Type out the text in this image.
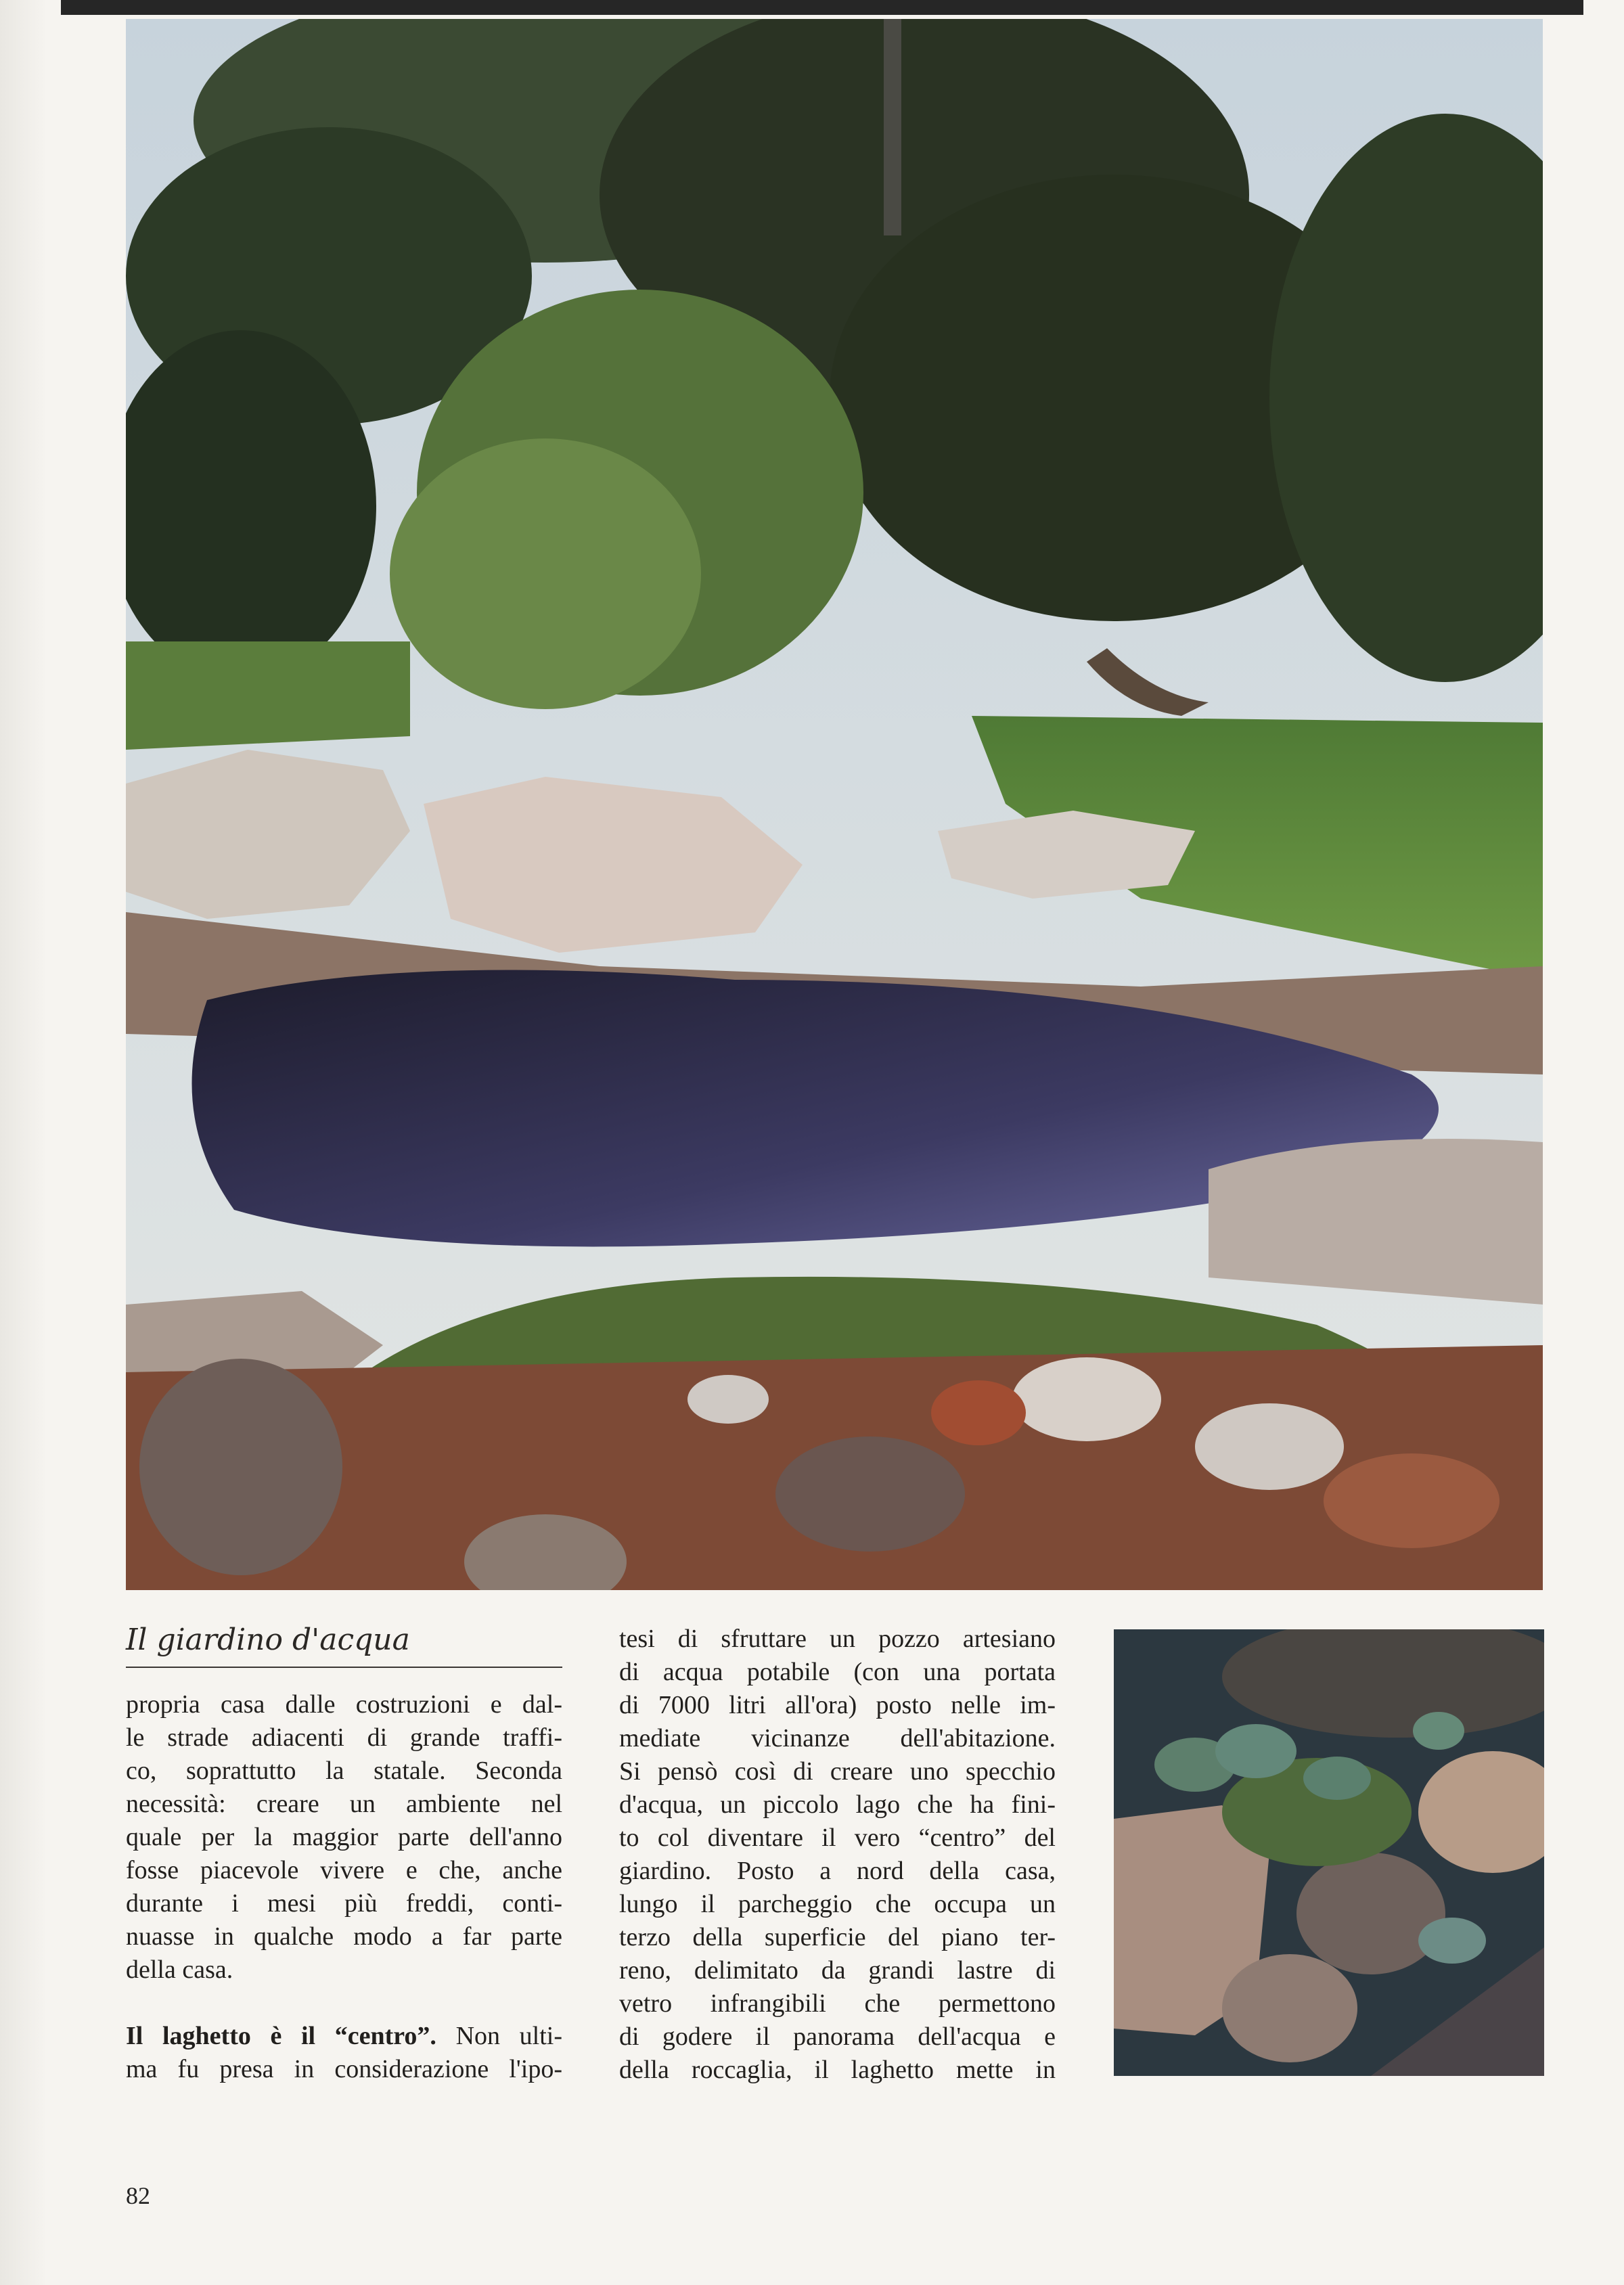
Il giardino d'acqua

propria casa dalle costruzioni e dal-

le strade adiacenti di grande traffi-

co, soprattutto la statale. Seconda

necessità: creare un ambiente nel

quale per la maggior parte dell'anno

fosse piacevole vivere e che, anche

durante i mesi più freddi, conti-

nuasse in qualche modo a far parte

della casa.

Il laghetto è il “centro”. Non ulti-

ma fu presa in considerazione l'ipo-

tesi di sfruttare un pozzo artesiano

di acqua potabile (con una portata

di 7000 litri all'ora) posto nelle im-

mediate vicinanze dell'abitazione.

Si pensò così di creare uno specchio

d'acqua, un piccolo lago che ha fini-

to col diventare il vero “centro” del

giardino. Posto a nord della casa,

lungo il parcheggio che occupa un

terzo della superficie del piano ter-

reno, delimitato da grandi lastre di

vetro infrangibili che permettono

di godere il panorama dell'acqua e

della roccaglia, il laghetto mette in

82
